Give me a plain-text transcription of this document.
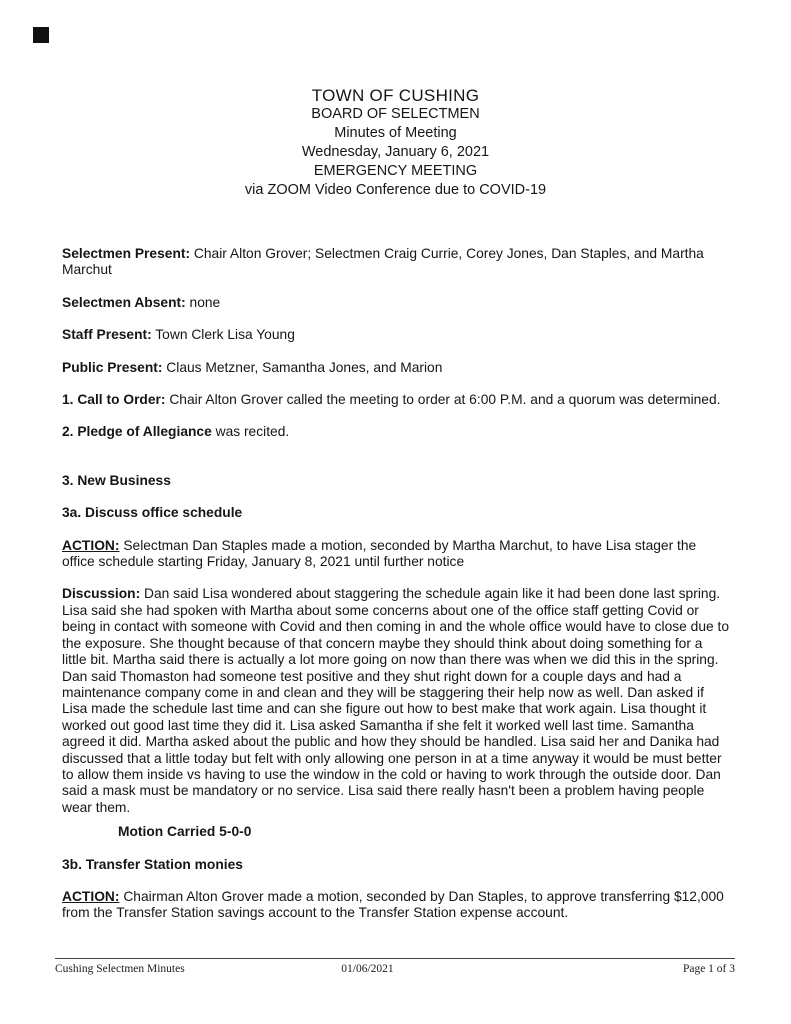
TOWN OF CUSHING
BOARD OF SELECTMEN
Minutes of Meeting
Wednesday, January 6, 2021
EMERGENCY MEETING
via ZOOM Video Conference due to COVID-19

Selectmen Present: Chair Alton Grover; Selectmen Craig Currie, Corey Jones, Dan Staples, and Martha Marchut

Selectmen Absent: none

Staff Present: Town Clerk Lisa Young

Public Present: Claus Metzner, Samantha Jones, and Marion

1. Call to Order: Chair Alton Grover called the meeting to order at 6:00 P.M. and a quorum was determined.

2. Pledge of Allegiance was recited.

3. New Business

3a. Discuss office schedule

ACTION: Selectman Dan Staples made a motion, seconded by Martha Marchut, to have Lisa stager the office schedule starting Friday, January 8, 2021 until further notice

Discussion: Dan said Lisa wondered about staggering the schedule again like it had been done last spring. Lisa said she had spoken with Martha about some concerns about one of the office staff getting Covid or being in contact with someone with Covid and then coming in and the whole office would have to close due to the exposure. She thought because of that concern maybe they should think about doing something for a little bit. Martha said there is actually a lot more going on now than there was when we did this in the spring. Dan said Thomaston had someone test positive and they shut right down for a couple days and had a maintenance company come in and clean and they will be staggering their help now as well. Dan asked if Lisa made the schedule last time and can she figure out how to best make that work again. Lisa thought it worked out good last time they did it. Lisa asked Samantha if she felt it worked well last time. Samantha agreed it did. Martha asked about the public and how they should be handled. Lisa said her and Danika had discussed that a little today but felt with only allowing one person in at a time anyway it would be must better to allow them inside vs having to use the window in the cold or having to work through the outside door. Dan said a mask must be mandatory or no service. Lisa said there really hasn't been a problem having people wear them.

Motion Carried 5-0-0

3b. Transfer Station monies

ACTION: Chairman Alton Grover made a motion, seconded by Dan Staples, to approve transferring $12,000 from the Transfer Station savings account to the Transfer Station expense account.

Cushing Selectmen Minutes	01/06/2021	Page 1 of 3
